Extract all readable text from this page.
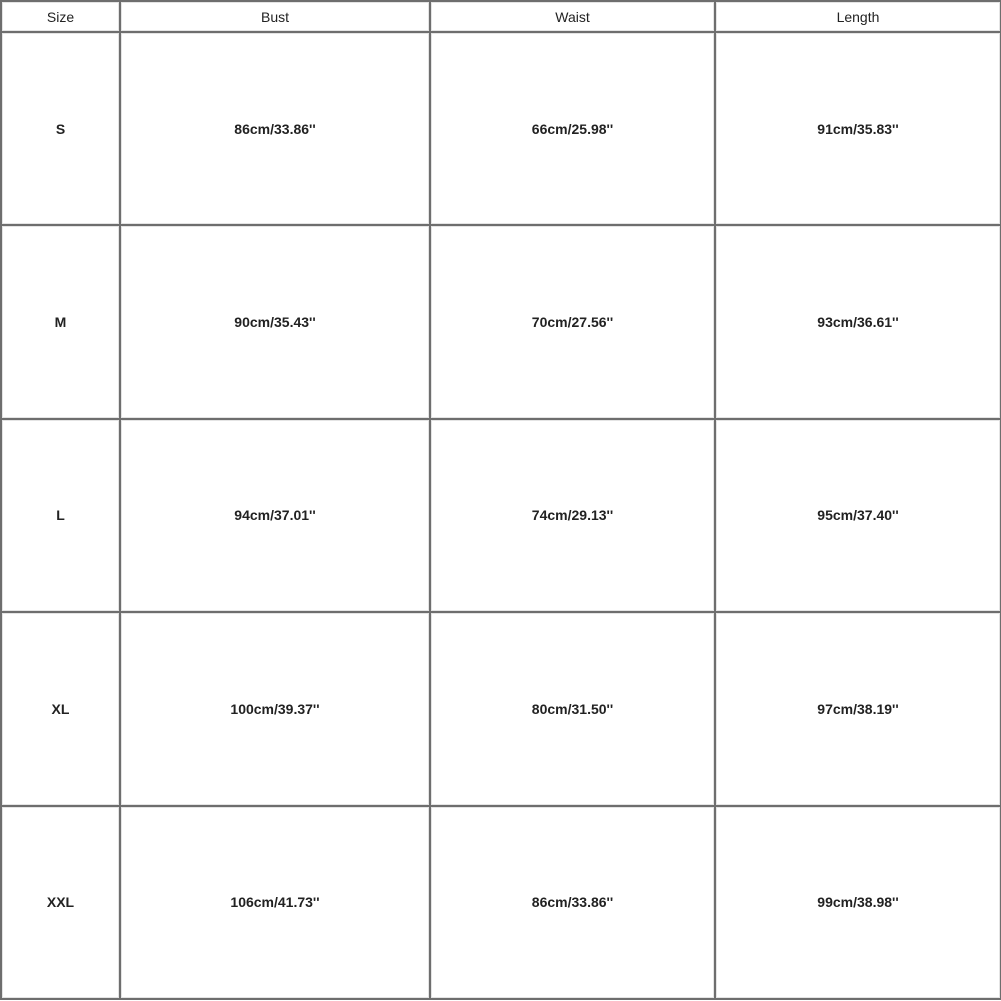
Size	Bust	Waist	Length
S	86cm/33.86''	66cm/25.98''	91cm/35.83''
M	90cm/35.43''	70cm/27.56''	93cm/36.61''
L	94cm/37.01''	74cm/29.13''	95cm/37.40''
XL	100cm/39.37''	80cm/31.50''	97cm/38.19''
XXL	106cm/41.73''	86cm/33.86''	99cm/38.98''
